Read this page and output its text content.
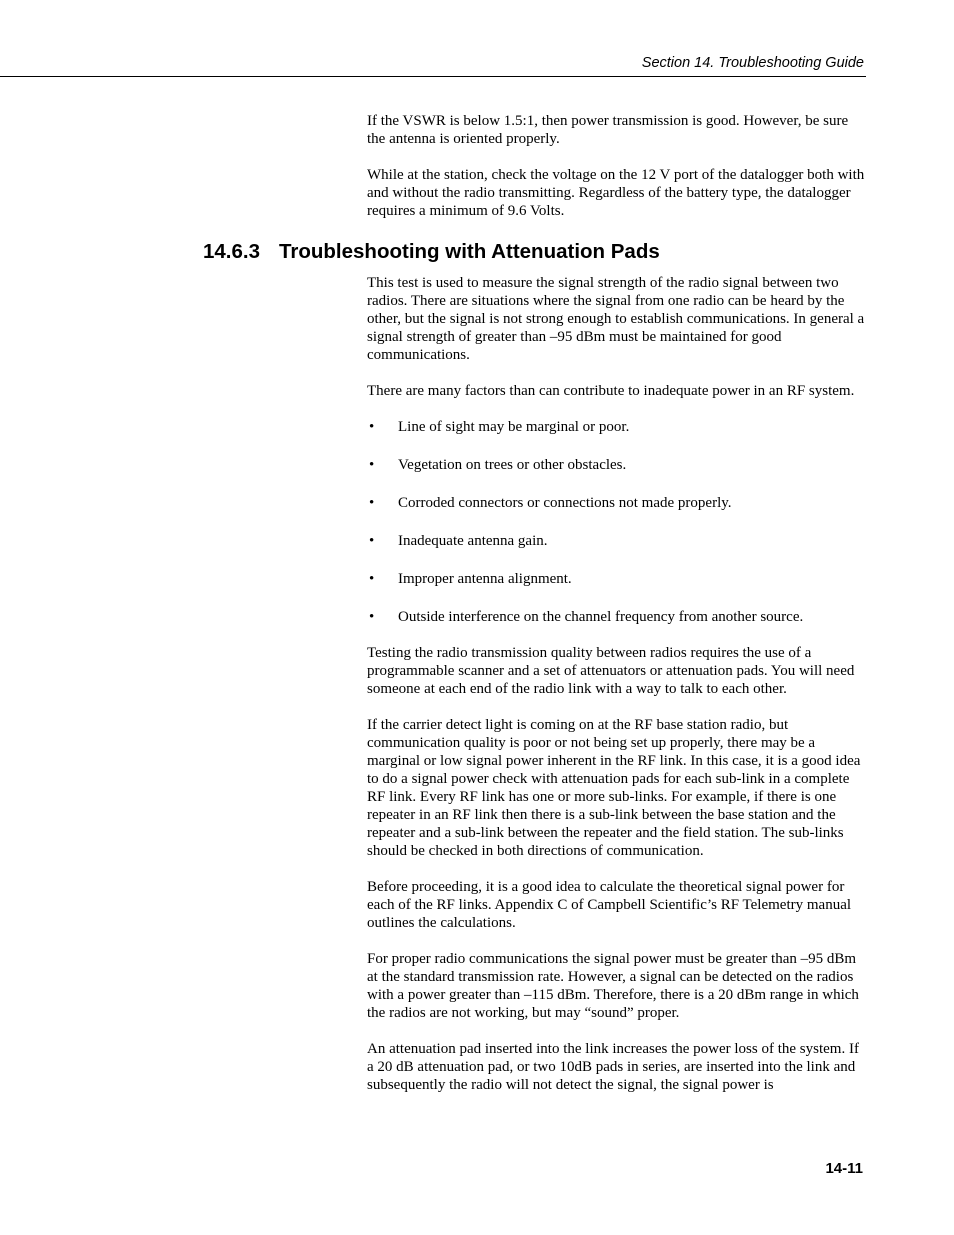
Section 14. Troubleshooting Guide

If the VSWR is below 1.5:1, then power transmission is good. However, be sure the antenna is oriented properly.

While at the station, check the voltage on the 12 V port of the datalogger both with and without the radio transmitting. Regardless of the battery type, the datalogger requires a minimum of 9.6 Volts.

14.6.3 Troubleshooting with Attenuation Pads

This test is used to measure the signal strength of the radio signal between two radios. There are situations where the signal from one radio can be heard by the other, but the signal is not strong enough to establish communications. In general a signal strength of greater than –95 dBm must be maintained for good communications.

There are many factors than can contribute to inadequate power in an RF system.

• Line of sight may be marginal or poor.
• Vegetation on trees or other obstacles.
• Corroded connectors or connections not made properly.
• Inadequate antenna gain.
• Improper antenna alignment.
• Outside interference on the channel frequency from another source.

Testing the radio transmission quality between radios requires the use of a programmable scanner and a set of attenuators or attenuation pads. You will need someone at each end of the radio link with a way to talk to each other.

If the carrier detect light is coming on at the RF base station radio, but communication quality is poor or not being set up properly, there may be a marginal or low signal power inherent in the RF link. In this case, it is a good idea to do a signal power check with attenuation pads for each sub-link in a complete RF link. Every RF link has one or more sub-links. For example, if there is one repeater in an RF link then there is a sub-link between the base station and the repeater and a sub-link between the repeater and the field station. The sub-links should be checked in both directions of communication.

Before proceeding, it is a good idea to calculate the theoretical signal power for each of the RF links. Appendix C of Campbell Scientific’s RF Telemetry manual outlines the calculations.

For proper radio communications the signal power must be greater than –95 dBm at the standard transmission rate. However, a signal can be detected on the radios with a power greater than –115 dBm. Therefore, there is a 20 dBm range in which the radios are not working, but may “sound” proper.

An attenuation pad inserted into the link increases the power loss of the system. If a 20 dB attenuation pad, or two 10dB pads in series, are inserted into the link and subsequently the radio will not detect the signal, the signal power is

14-11
